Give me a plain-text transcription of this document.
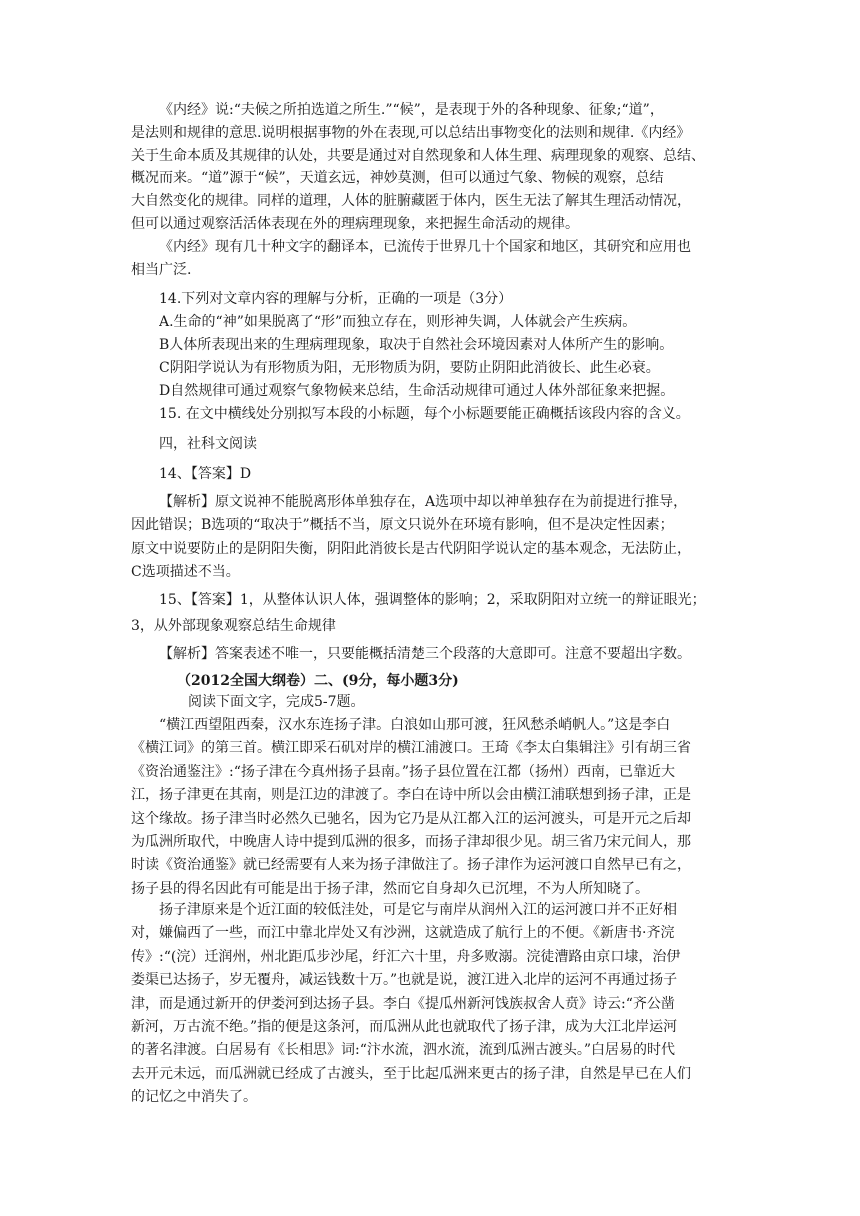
《内经》说:“夫候之所拍选道之所生.”“候”，是表现于外的各种现象、征象;“道”，
是法则和规律的意思.说明根据事物的外在表现,可以总结出事物变化的法则和规律.《内经》
关于生命本质及其规律的认处，共要是通过对自然现象和人体生理、病理现象的观察、总结、
概况而来。“道”源于“候”，天道玄远，神妙莫测，但可以通过气象、物候的观察，总结
大自然变化的规律。同样的道理，人体的脏腑藏匿于体内，医生无法了解其生理活动情况，
但可以通过观察活活体表现在外的理病理现象，来把握生命活动的规律。
《内经》现有几十种文字的翻译本，已流传于世界几十个国家和地区，其研究和应用也
相当广泛.
14.下列对文章内容的理解与分析，正确的一项是（3分）
A.生命的“神”如果脱离了“形”而独立存在，则形神失调，人体就会产生疾病。
B人体所表现出来的生理病理现象，取决于自然社会环境因素对人体所产生的影响。
C阴阳学说认为有形物质为阳，无形物质为阴，要防止阴阳此消彼长、此生必衰。
D自然规律可通过观察气象物候来总结，生命活动规律可通过人体外部征象来把握。
15. 在文中横线处分别拟写本段的小标题，每个小标题要能正确概括该段内容的含义。
四，社科文阅读
14、【答案】D
【解析】原文说神不能脱离形体单独存在，A选项中却以神单独存在为前提进行推导，
因此错误；B选项的“取决于”概括不当，原文只说外在环境有影响，但不是决定性因素；
原文中说要防止的是阴阳失衡，阴阳此消彼长是古代阴阳学说认定的基本观念，无法防止，
C选项描述不当。
15、【答案】1，从整体认识人体，强调整体的影响；2，采取阴阳对立统一的辩证眼光；
3，从外部现象观察总结生命规律
【解析】答案表述不唯一，只要能概括清楚三个段落的大意即可。注意不要超出字数。
（2012全国大纲卷）二、(9分，每小题3分)
阅读下面文字，完成5-7题。
“横江西望阻西秦，汉水东连扬子津。白浪如山那可渡，狂风愁杀峭帆人。”这是李白
《横江词》的第三首。横江即采石矶对岸的横江浦渡口。王琦《李太白集辑注》引有胡三省
《资治通鉴注》:“扬子津在今真州扬子县南。”扬子县位置在江都（扬州）西南，已靠近大
江，扬子津更在其南，则是江边的津渡了。李白在诗中所以会由横江浦联想到扬子津，正是
这个缘故。扬子津当时必然久已驰名，因为它乃是从江都入江的运河渡头，可是开元之后却
为瓜洲所取代，中晚唐人诗中提到瓜洲的很多，而扬子津却很少见。胡三省乃宋元间人，那
时读《资治通鉴》就已经需要有人来为扬子津做注了。扬子津作为运河渡口自然早已有之，
扬子县的得名因此有可能是出于扬子津，然而它自身却久已沉埋，不为人所知晓了。
扬子津原来是个近江面的较低洼处，可是它与南岸从润州入江的运河渡口并不正好相
对，嫌偏西了一些，而江中靠北岸处又有沙洲，这就造成了航行上的不便。《新唐书·齐浣
传》:“(浣）迁润州，州北距瓜步沙尾，纡汇六十里，舟多败溺。浣徒漕路由京口埭，治伊
娄渠已达扬子，岁无覆舟，减运钱数十万。”也就是说，渡江进入北岸的运河不再通过扬子
津，而是通过新开的伊娄河到达扬子县。李白《提瓜州新河饯族叔舍人贲》诗云:“齐公凿
新河，万古流不绝。”指的便是这条河，而瓜洲从此也就取代了扬子津，成为大江北岸运河
的著名津渡。白居易有《长相思》词:“汴水流，泗水流，流到瓜洲古渡头。”白居易的时代
去开元未远，而瓜洲就已经成了古渡头，至于比起瓜洲来更古的扬子津，自然是早已在人们
的记忆之中消失了。
